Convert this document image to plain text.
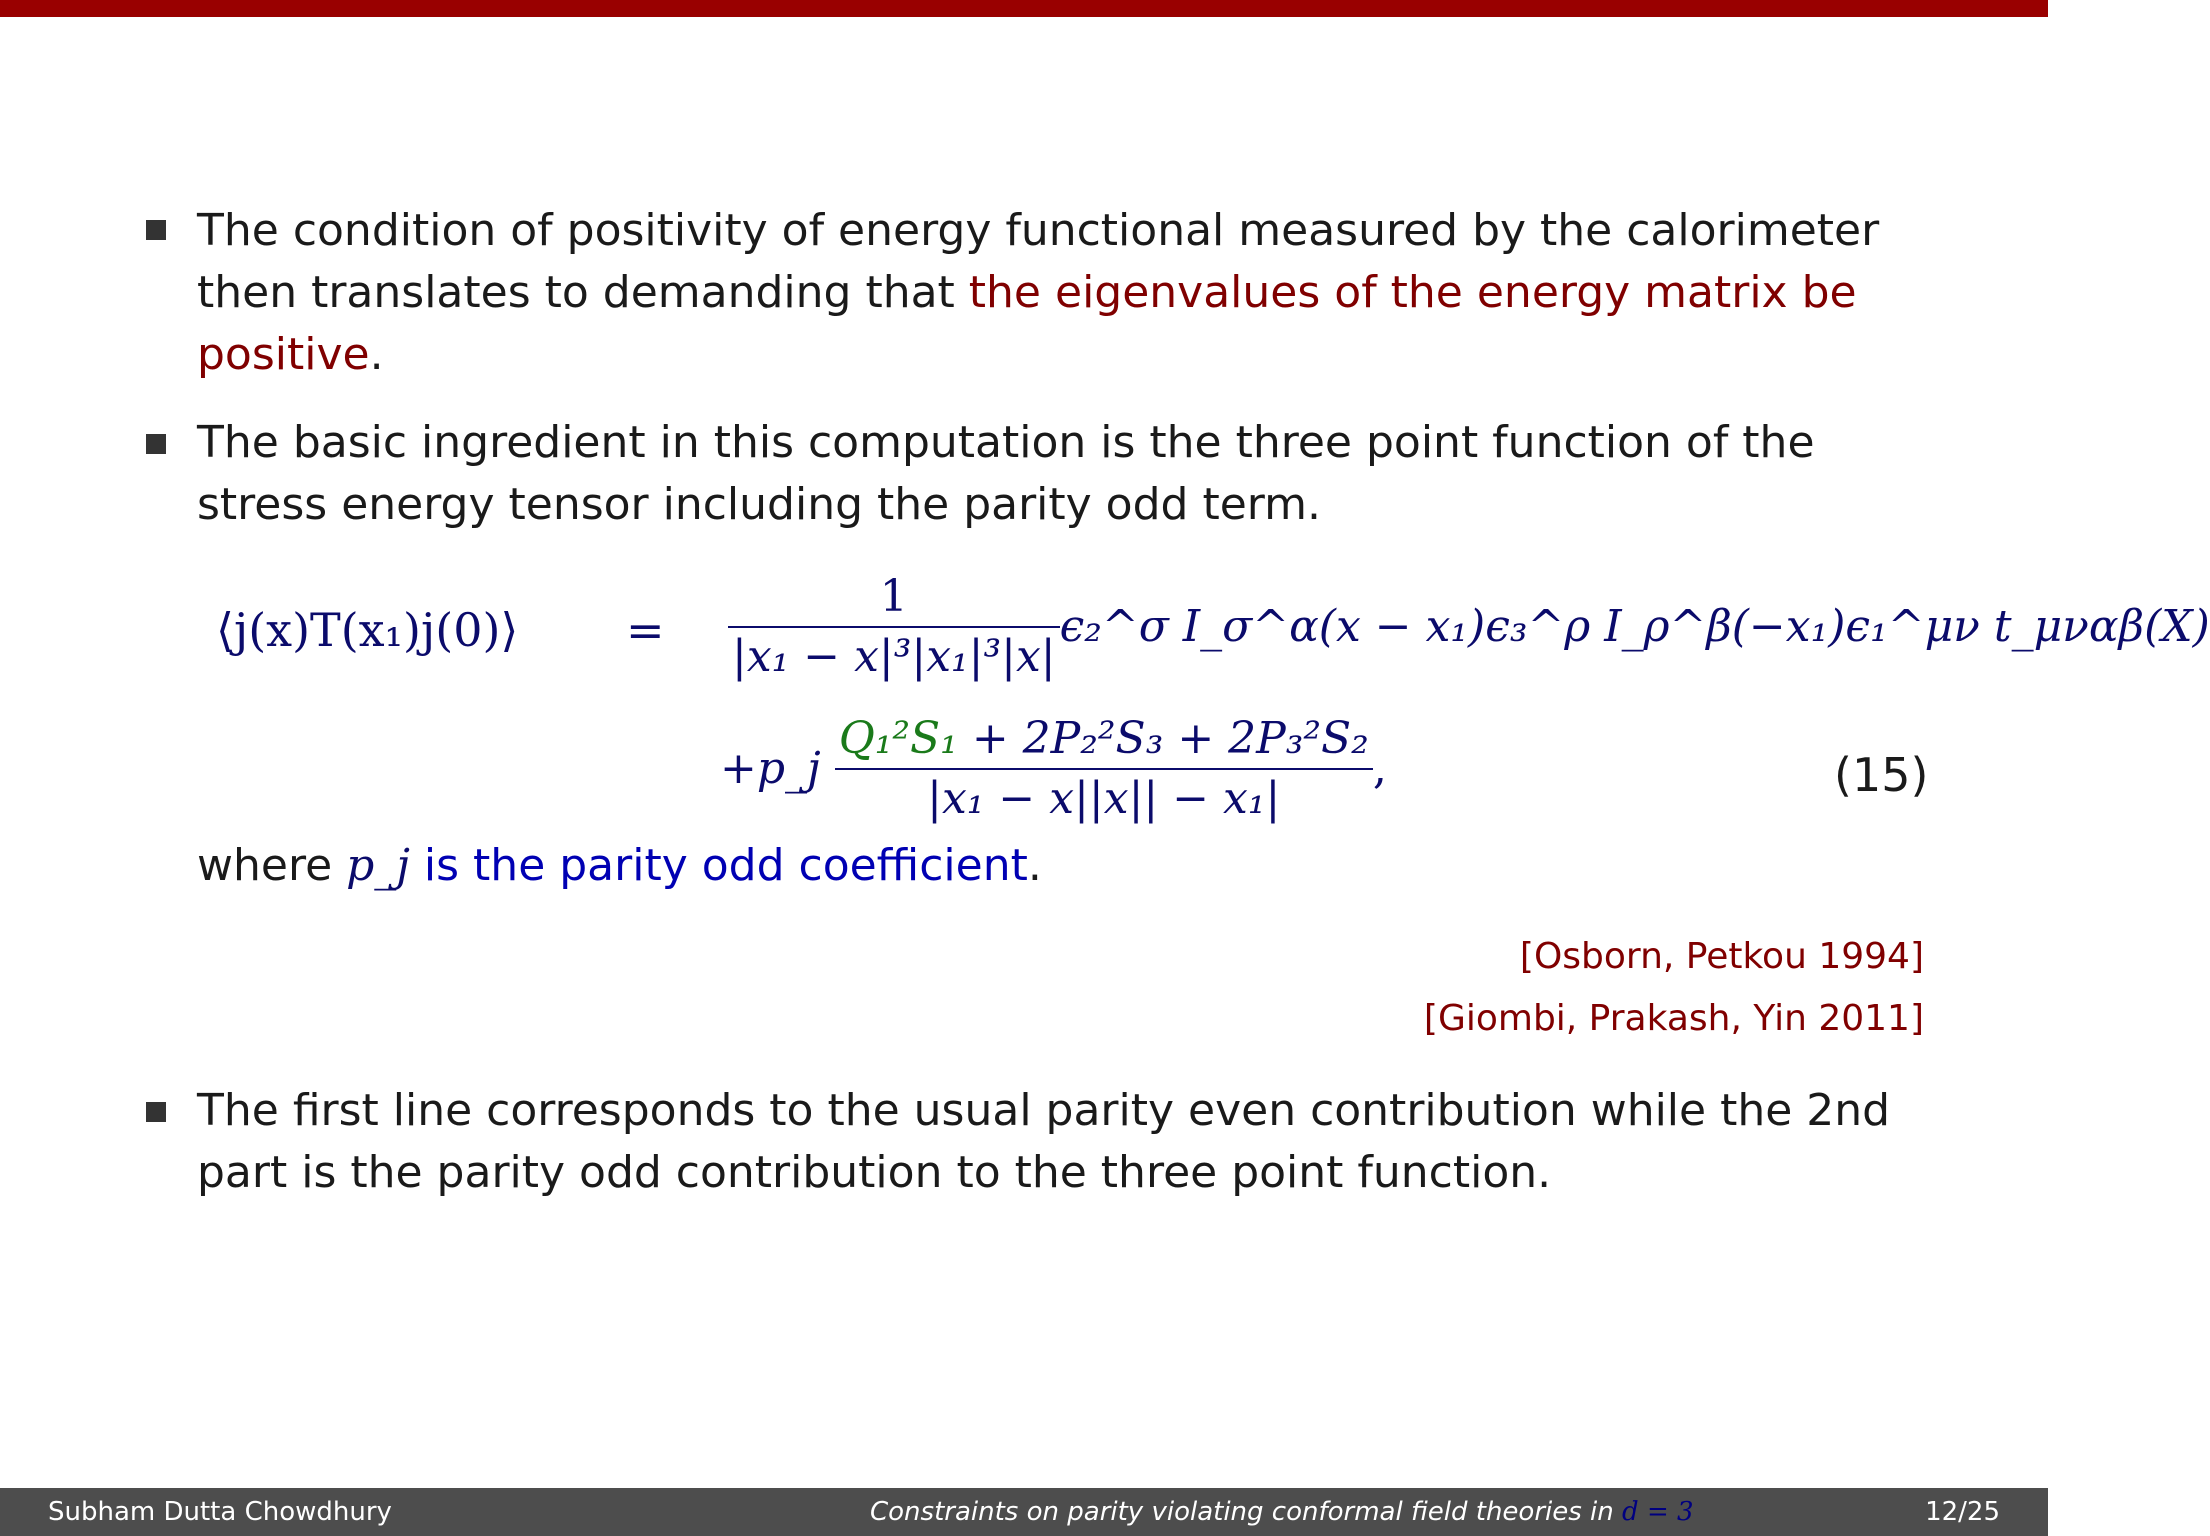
The condition of positivity of energy functional measured by the calorimeter then translates to demanding that the eigenvalues of the energy matrix be positive.
The basic ingredient in this computation is the three point function of the stress energy tensor including the parity odd term.
⟨j(x)T(x₁)j(0)⟩ = $\frac{1}{\text{|x₁ − x|³|x₁|³|x|}}$ ϵ₂^σ I_σ^α(x − x₁)ϵ₃^ρ I_ρ^β(−x₁)ϵ₁^μν t_μναβ(X)
+p_j $\frac{\text{Q₁²S₁ + 2P₂²S₃ + 2P₃²S₂}}{\text{|x₁ − x||x|| − x₁|}}$ ,	(15)
where p_j is the parity odd coefficient.
[Osborn, Petkou 1994]
[Giombi, Prakash, Yin 2011]
The first line corresponds to the usual parity even contribution while the 2nd part is the parity odd contribution to the three point function.
Subham Dutta Chowdhury	Constraints on parity violating conformal field theories in d = 3	12/25
